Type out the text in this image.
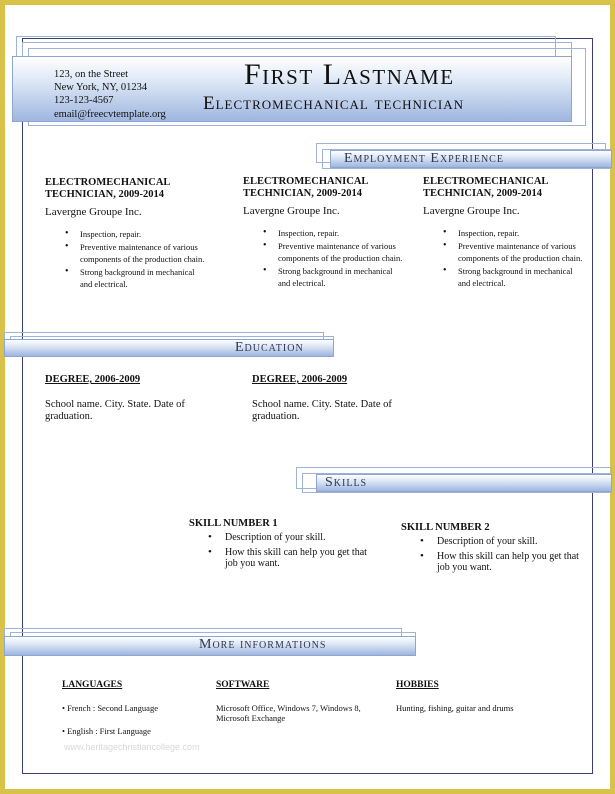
123, on the Street
New York, NY, 01234
123-123-4567
email@freecvtemplate.org
First Lastname
Electromechanical technician
Employment Experience
ELECTROMECHANICAL
TECHNICIAN, 2009-2014
Lavergne Groupe Inc.
• Inspection, repair.
• Preventive maintenance of various components of the production chain.
• Strong background in mechanical and electrical.
ELECTROMECHANICAL
TECHNICIAN, 2009-2014
Lavergne Groupe Inc.
• Inspection, repair.
• Preventive maintenance of various components of the production chain.
• Strong background in mechanical and electrical.
ELECTROMECHANICAL
TECHNICIAN, 2009-2014
Lavergne Groupe Inc.
• Inspection, repair.
• Preventive maintenance of various components of the production chain.
• Strong background in mechanical and electrical.
Education
DEGREE, 2006-2009
School name. City. State. Date of graduation.
DEGREE, 2006-2009
School name. City. State. Date of graduation.
Skills
SKILL NUMBER 1
• Description of your skill.
• How this skill can help you get that job you want.
SKILL NUMBER 2
• Description of your skill.
• How this skill can help you get that job you want.
More informations
LANGUAGES
• French : Second Language
• English : First Language
SOFTWARE
Microsoft Office, Windows 7, Windows 8, Microsoft Exchange
HOBBIES
Hunting, fishing, guitar and drums
www.heritagechristiancollege.com
